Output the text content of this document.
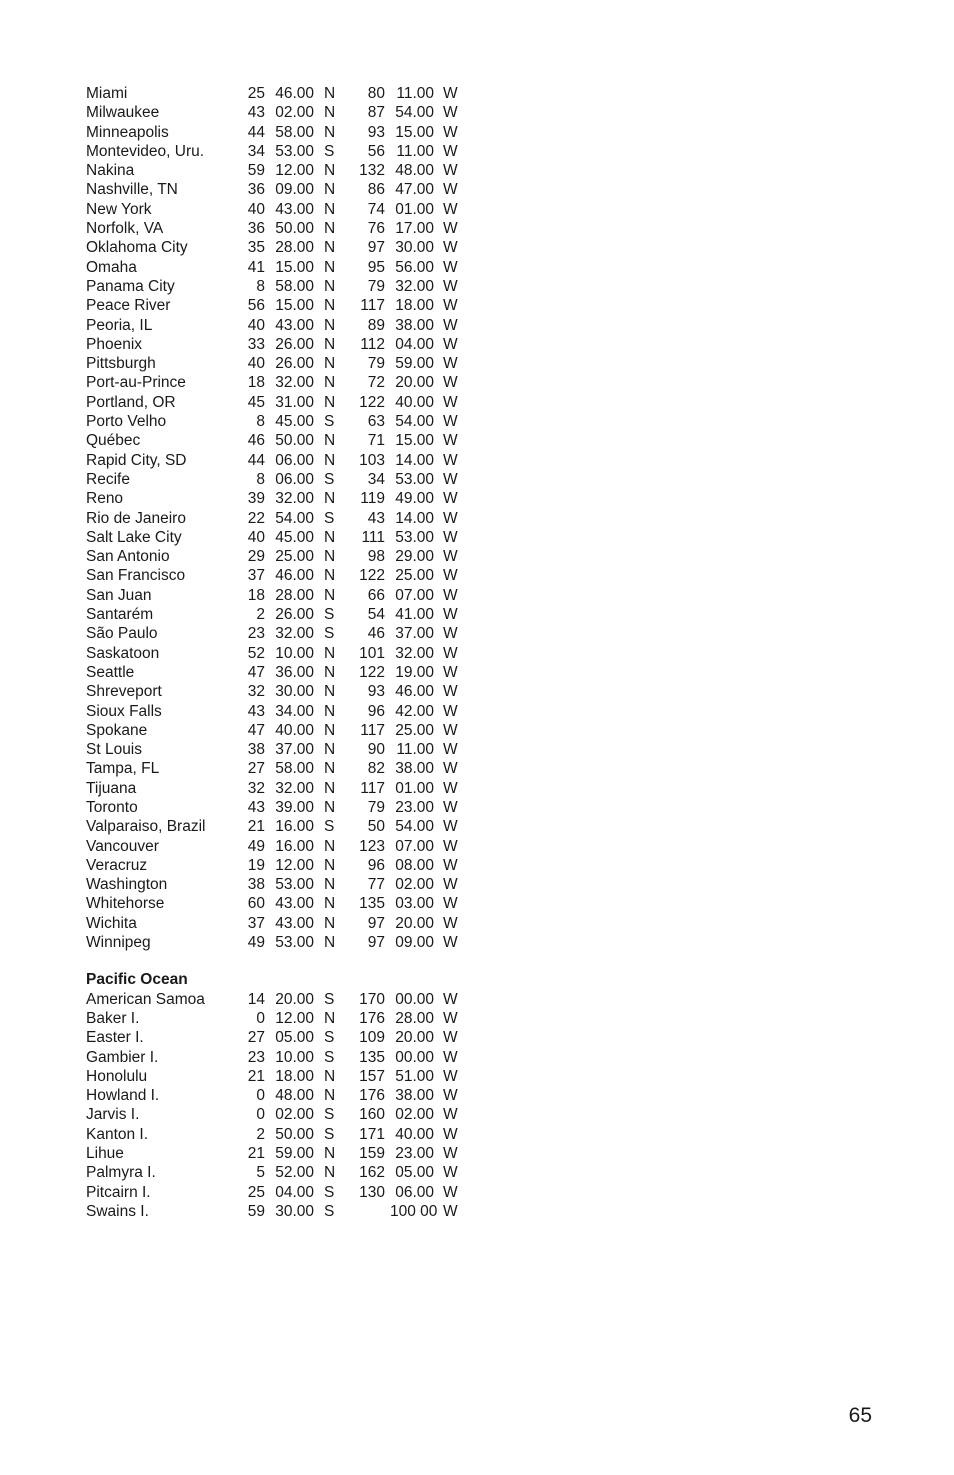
Miami	25 46.00 N	80 11.00 W
Milwaukee	43 02.00 N	87 54.00 W
Minneapolis	44 58.00 N	93 15.00 W
Montevideo, Uru.	34 53.00 S	56 11.00 W
Nakina	59 12.00 N	132 48.00 W
Nashville, TN	36 09.00 N	86 47.00 W
New York	40 43.00 N	74 01.00 W
Norfolk, VA	36 50.00 N	76 17.00 W
Oklahoma City	35 28.00 N	97 30.00 W
Omaha	41 15.00 N	95 56.00 W
Panama City	8 58.00 N	79 32.00 W
Peace River	56 15.00 N	117 18.00 W
Peoria, IL	40 43.00 N	89 38.00 W
Phoenix	33 26.00 N	112 04.00 W
Pittsburgh	40 26.00 N	79 59.00 W
Port-au-Prince	18 32.00 N	72 20.00 W
Portland, OR	45 31.00 N	122 40.00 W
Porto Velho	8 45.00 S	63 54.00 W
Québec	46 50.00 N	71 15.00 W
Rapid City, SD	44 06.00 N	103 14.00 W
Recife	8 06.00 S	34 53.00 W
Reno	39 32.00 N	119 49.00 W
Rio de Janeiro	22 54.00 S	43 14.00 W
Salt Lake City	40 45.00 N	111 53.00 W
San Antonio	29 25.00 N	98 29.00 W
San Francisco	37 46.00 N	122 25.00 W
San Juan	18 28.00 N	66 07.00 W
Santarém	2 26.00 S	54 41.00 W
São Paulo	23 32.00 S	46 37.00 W
Saskatoon	52 10.00 N	101 32.00 W
Seattle	47 36.00 N	122 19.00 W
Shreveport	32 30.00 N	93 46.00 W
Sioux Falls	43 34.00 N	96 42.00 W
Spokane	47 40.00 N	117 25.00 W
St Louis	38 37.00 N	90 11.00 W
Tampa, FL	27 58.00 N	82 38.00 W
Tijuana	32 32.00 N	117 01.00 W
Toronto	43 39.00 N	79 23.00 W
Valparaiso, Brazil	21 16.00 S	50 54.00 W
Vancouver	49 16.00 N	123 07.00 W
Veracruz	19 12.00 N	96 08.00 W
Washington	38 53.00 N	77 02.00 W
Whitehorse	60 43.00 N	135 03.00 W
Wichita	37 43.00 N	97 20.00 W
Winnipeg	49 53.00 N	97 09.00 W
Pacific Ocean
American Samoa	14 20.00 S	170 00.00 W
Baker I.	0 12.00 N	176 28.00 W
Easter I.	27 05.00 S	109 20.00 W
Gambier I.	23 10.00 S	135 00.00 W
Honolulu	21 18.00 N	157 51.00 W
Howland I.	0 48.00 N	176 38.00 W
Jarvis I.	0 02.00 S	160 02.00 W
Kanton I.	2 50.00 S	171 40.00 W
Lihue	21 59.00 N	159 23.00 W
Palmyra I.	5 52.00 N	162 05.00 W
Pitcairn I.	25 04.00 S	130 06.00 W
Swains I.	59 30.00 S	100 00 W
65
